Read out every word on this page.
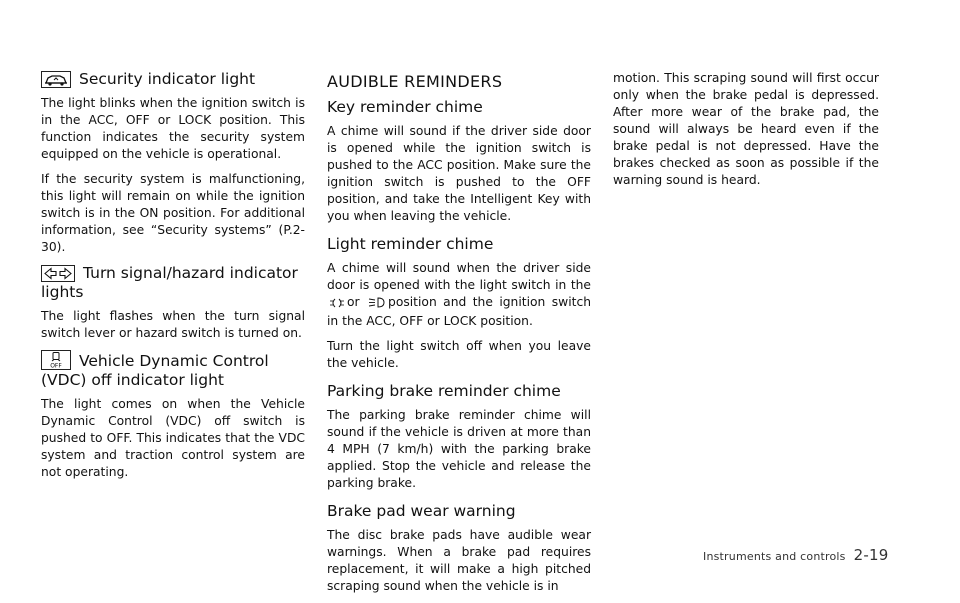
Security indicator light

The light blinks when the ignition switch is in the ACC, OFF or LOCK position. This function indicates the security system equipped on the vehicle is operational.

If the security system is malfunctioning, this light will remain on while the ignition switch is in the ON position. For additional information, see “Security systems” (P.2-30).

Turn signal/hazard indicator lights

The light flashes when the turn signal switch lever or hazard switch is turned on.

OFF Vehicle Dynamic Control (VDC) off indicator light

The light comes on when the Vehicle Dynamic Control (VDC) off switch is pushed to OFF. This indicates that the VDC system and traction control system are not operating.

AUDIBLE REMINDERS
Key reminder chime

A chime will sound if the driver side door is opened while the ignition switch is pushed to the ACC position. Make sure the ignition switch is pushed to the OFF position, and take the Intelligent Key with you when leaving the vehicle.

Light reminder chime

A chime will sound when the driver side door is opened with the light switch in the or position and the ignition switch in the ACC, OFF or LOCK position.

Turn the light switch off when you leave the vehicle.

Parking brake reminder chime

The parking brake reminder chime will sound if the vehicle is driven at more than 4 MPH (7 km/h) with the parking brake applied. Stop the vehicle and release the parking brake.

Brake pad wear warning

The disc brake pads have audible wear warnings. When a brake pad requires replacement, it will make a high pitched scraping sound when the vehicle is in

motion. This scraping sound will first occur only when the brake pedal is depressed. After more wear of the brake pad, the sound will always be heard even if the brake pedal is not depressed. Have the brakes checked as soon as possible if the warning sound is heard.

Instruments and controls 2-19
